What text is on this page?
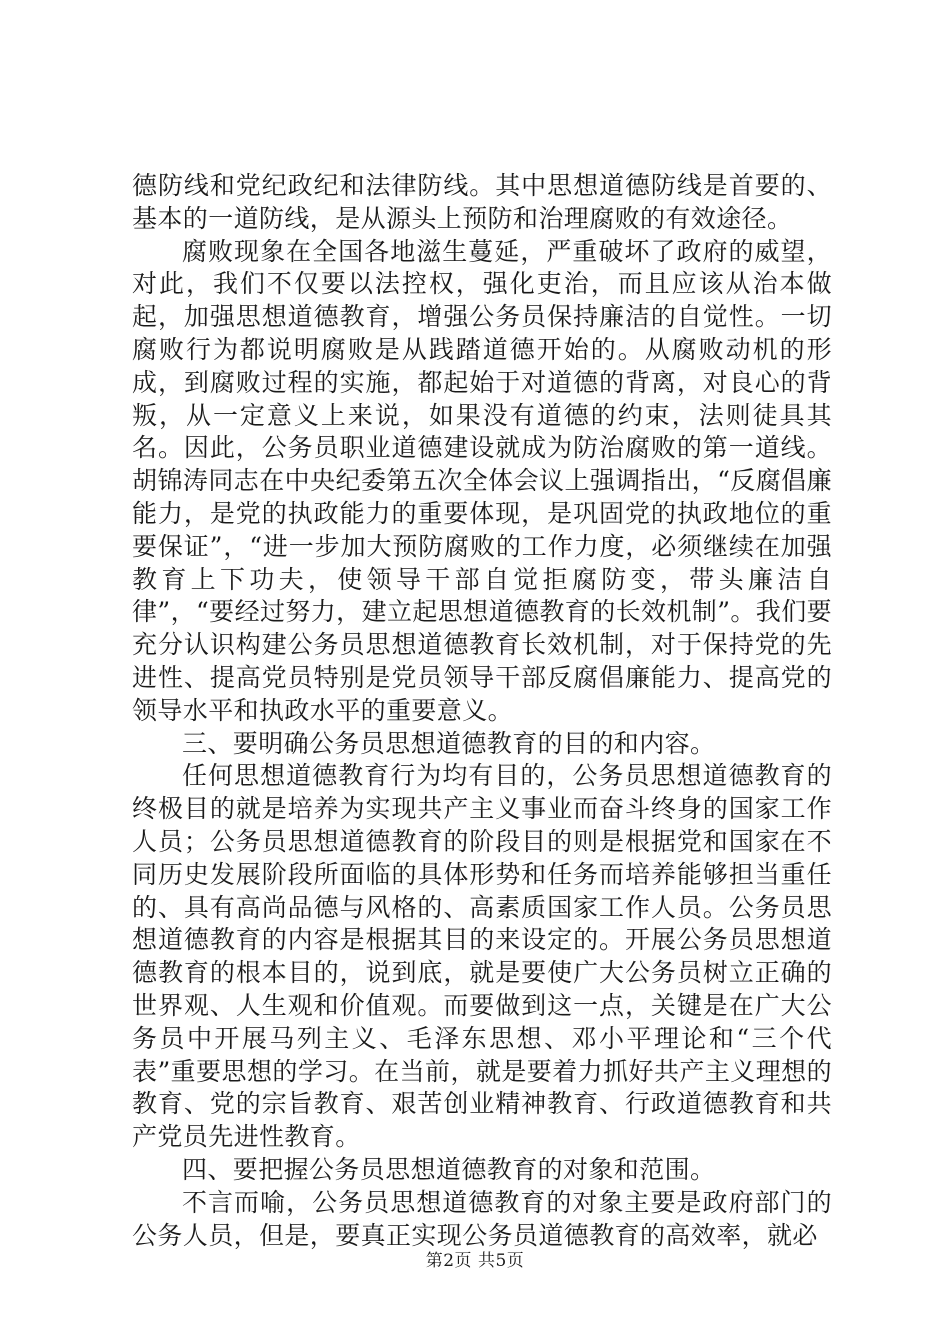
德防线和党纪政纪和法律防线。其中思想道德防线是首要的、基本的一道防线，是从源头上预防和治理腐败的有效途径。

腐败现象在全国各地滋生蔓延，严重破坏了政府的威望，对此，我们不仅要以法控权，强化吏治，而且应该从治本做起，加强思想道德教育，增强公务员保持廉洁的自觉性。一切腐败行为都说明腐败是从践踏道德开始的。从腐败动机的形成，到腐败过程的实施，都起始于对道德的背离，对良心的背叛，从一定意义上来说，如果没有道德的约束，法则徒具其名。因此，公务员职业道德建设就成为防治腐败的第一道线。胡锦涛同志在中央纪委第五次全体会议上强调指出，“反腐倡廉能力，是党的执政能力的重要体现，是巩固党的执政地位的重要保证”，“进一步加大预防腐败的工作力度，必须继续在加强教育上下功夫，使领导干部自觉拒腐防变，带头廉洁自律”，“要经过努力，建立起思想道德教育的长效机制”。我们要充分认识构建公务员思想道德教育长效机制，对于保持党的先进性、提高党员特别是党员领导干部反腐倡廉能力、提高党的领导水平和执政水平的重要意义。

三、要明确公务员思想道德教育的目的和内容。

任何思想道德教育行为均有目的，公务员思想道德教育的终极目的就是培养为实现共产主义事业而奋斗终身的国家工作人员；公务员思想道德教育的阶段目的则是根据党和国家在不同历史发展阶段所面临的具体形势和任务而培养能够担当重任的、具有高尚品德与风格的、高素质国家工作人员。公务员思想道德教育的内容是根据其目的来设定的。开展公务员思想道德教育的根本目的，说到底，就是要使广大公务员树立正确的世界观、人生观和价值观。而要做到这一点，关键是在广大公务员中开展马列主义、毛泽东思想、邓小平理论和“三个代表”重要思想的学习。在当前，就是要着力抓好共产主义理想的教育、党的宗旨教育、艰苦创业精神教育、行政道德教育和共产党员先进性教育。

四、要把握公务员思想道德教育的对象和范围。

不言而喻，公务员思想道德教育的对象主要是政府部门的公务人员，但是，要真正实现公务员道德教育的高效率，就必

第2页 共5页
